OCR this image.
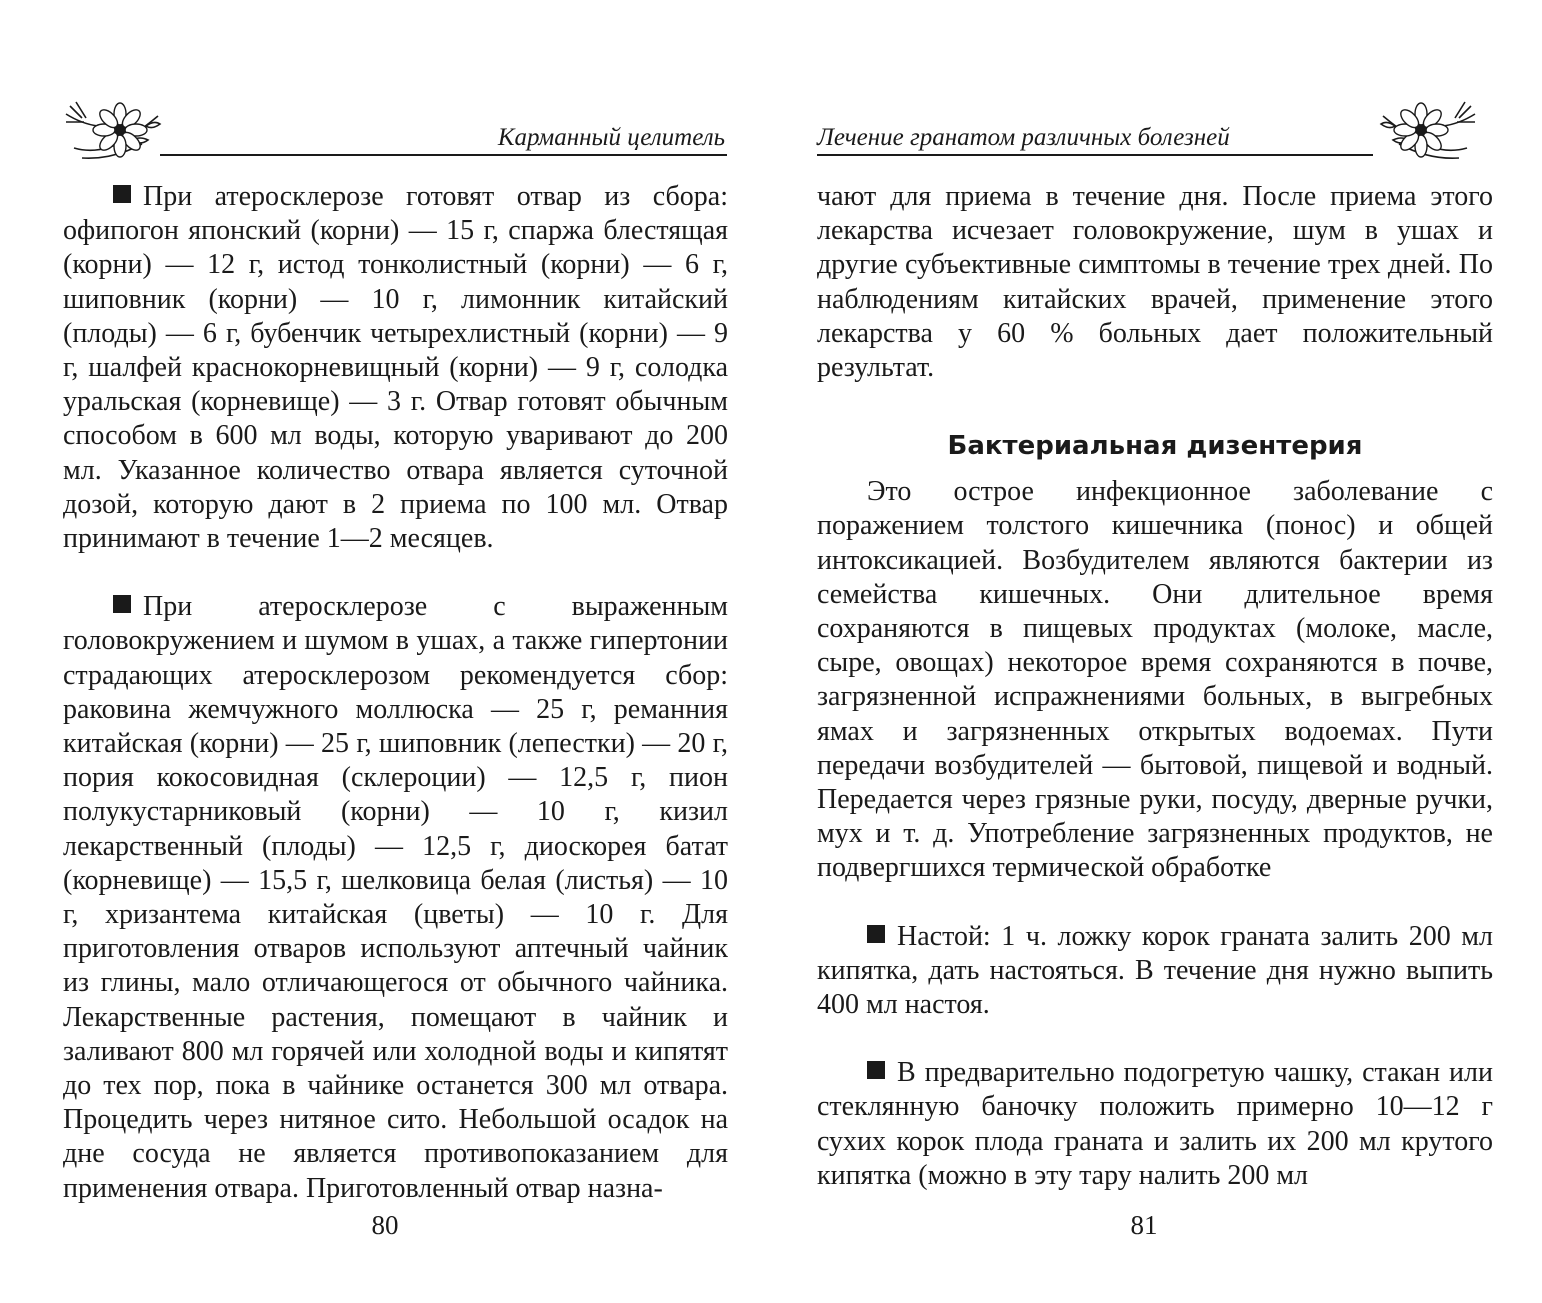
Карманный целитель

При атеросклерозе готовят отвар из сбора: офипогон японский (корни) — 15 г, спаржа блестящая (корни) — 12 г, истод тонколистный (корни) — 6 г, шиповник (корни) — 10 г, лимонник китайский (плоды) — 6 г, бубенчик четырехлистный (корни) — 9 г, шалфей краснокорневищный (корни) — 9 г, солодка уральская (корневище) — 3 г. Отвар готовят обычным способом в 600 мл воды, которую уваривают до 200 мл. Указанное количество отвара является суточной дозой, которую дают в 2 приема по 100 мл. Отвар принимают в течение 1—2 месяцев.

При атеросклерозе с выраженным головокружением и шумом в ушах, а также гипертонии страдающих атеросклерозом рекомендуется сбор: раковина жемчужного моллюска — 25 г, реманния китайская (корни) — 25 г, шиповник (лепестки) — 20 г, пория кокосовидная (склероции) — 12,5 г, пион полукустарниковый (корни) — 10 г, кизил лекарственный (плоды) — 12,5 г, диоскорея батат (корневище) — 15,5 г, шелковица белая (листья) — 10 г, хризантема китайская (цветы) — 10 г. Для приготовления отваров используют аптечный чайник из глины, мало отличающегося от обычного чайника. Лекарственные растения, помещают в чайник и заливают 800 мл горячей или холодной воды и кипятят до тех пор, пока в чайнике останется 300 мл отвара. Процедить через нитяное сито. Небольшой осадок на дне сосуда не является противопоказанием для применения отвара. Приготовленный отвар назна-

80
Лечение гранатом различных болезней

чают для приема в течение дня. После приема этого лекарства исчезает головокружение, шум в ушах и другие субъективные симптомы в течение трех дней. По наблюдениям китайских врачей, применение этого лекарства у 60 % больных дает положительный результат.

Бактериальная дизентерия

Это острое инфекционное заболевание с поражением толстого кишечника (понос) и общей интоксикацией. Возбудителем являются бактерии из семейства кишечных. Они длительное время сохраняются в пищевых продуктах (молоке, масле, сыре, овощах) некоторое время сохраняются в почве, загрязненной испражнениями больных, в выгребных ямах и загрязненных открытых водоемах. Пути передачи возбудителей — бытовой, пищевой и водный. Передается через грязные руки, посуду, дверные ручки, мух и т. д. Употребление загрязненных продуктов, не подвергшихся термической обработке

Настой: 1 ч. ложку корок граната залить 200 мл кипятка, дать настояться. В течение дня нужно выпить 400 мл настоя.

В предварительно подогретую чашку, стакан или стеклянную баночку положить примерно 10—12 г сухих корок плода граната и залить их 200 мл крутого кипятка (можно в эту тару налить 200 мл

81
